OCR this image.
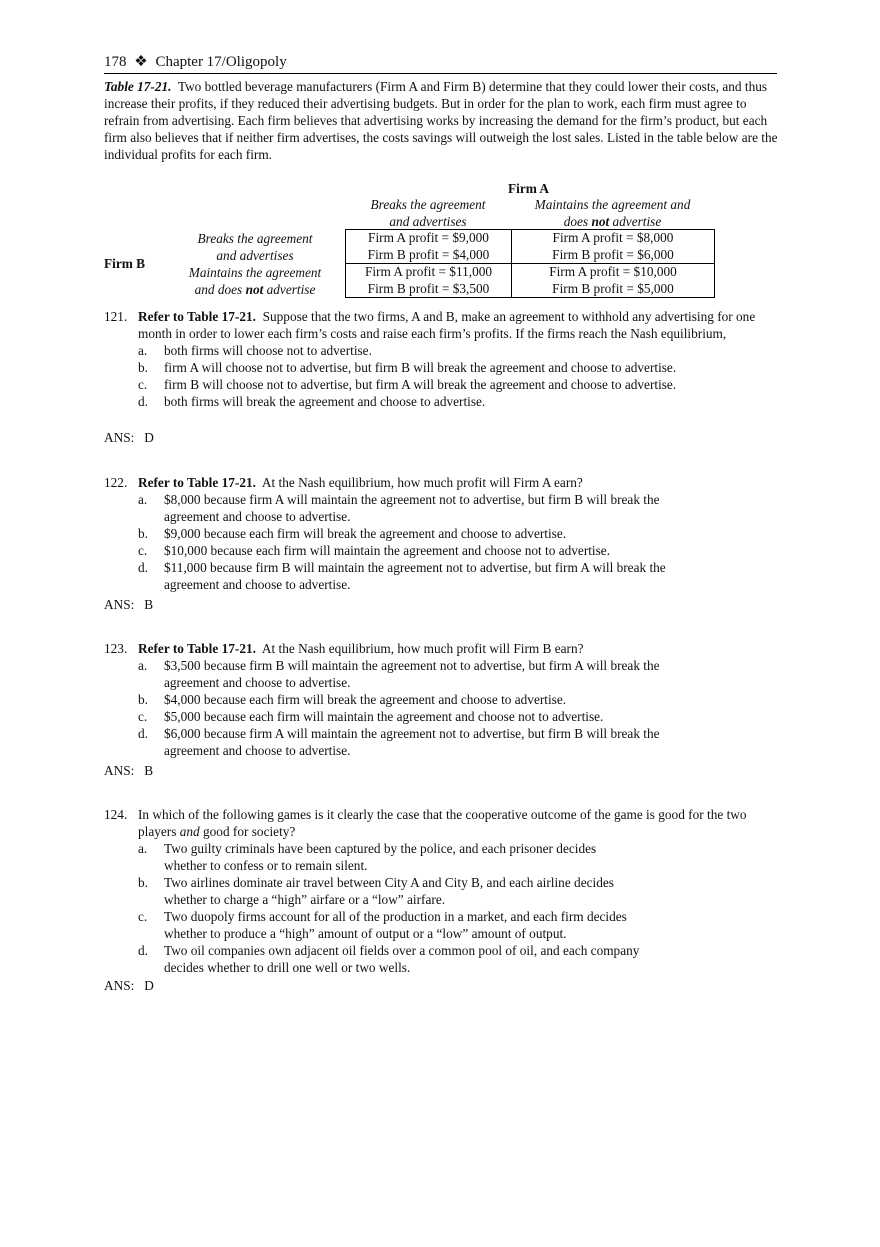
178 ❖ Chapter 17/Oligopoly
Table 17-21. Two bottled beverage manufacturers (Firm A and Firm B) determine that they could lower their costs, and thus increase their profits, if they reduced their advertising budgets. But in order for the plan to work, each firm must agree to refrain from advertising. Each firm believes that advertising works by increasing the demand for the firm’s product, but each firm also believes that if neither firm advertises, the costs savings will outweigh the lost sales. Listed in the table below are the individual profits for each firm.
Firm A
Breaks the agreement
and advertises
Maintains the agreement and
does not advertise
Firm B
Breaks the agreement
and advertises
Maintains the agreement
and does not advertise
Firm A profit = $9,000
Firm B profit = $4,000
Firm A profit = $8,000
Firm B profit = $6,000
Firm A profit = $11,000
Firm B profit = $3,500
Firm A profit = $10,000
Firm B profit = $5,000
121. Refer to Table 17-21. Suppose that the two firms, A and B, make an agreement to withhold any advertising for one month in order to lower each firm’s costs and raise each firm’s profits. If the firms reach the Nash equilibrium,
a. both firms will choose not to advertise.
b. firm A will choose not to advertise, but firm B will break the agreement and choose to advertise.
c. firm B will choose not to advertise, but firm A will break the agreement and choose to advertise.
d. both firms will break the agreement and choose to advertise.
ANS:   D
122. Refer to Table 17-21. At the Nash equilibrium, how much profit will Firm A earn?
a. $8,000 because firm A will maintain the agreement not to advertise, but firm B will break the agreement and choose to advertise.
b. $9,000 because each firm will break the agreement and choose to advertise.
c. $10,000 because each firm will maintain the agreement and choose not to advertise.
d. $11,000 because firm B will maintain the agreement not to advertise, but firm A will break the agreement and choose to advertise.
ANS:   B
123. Refer to Table 17-21. At the Nash equilibrium, how much profit will Firm B earn?
a. $3,500 because firm B will maintain the agreement not to advertise, but firm A will break the agreement and choose to advertise.
b. $4,000 because each firm will break the agreement and choose to advertise.
c. $5,000 because each firm will maintain the agreement and choose not to advertise.
d. $6,000 because firm A will maintain the agreement not to advertise, but firm B will break the agreement and choose to advertise.
ANS:   B
124. In which of the following games is it clearly the case that the cooperative outcome of the game is good for the two players and good for society?
a. Two guilty criminals have been captured by the police, and each prisoner decides whether to confess or to remain silent.
b. Two airlines dominate air travel between City A and City B, and each airline decides whether to charge a “high” airfare or a “low” airfare.
c. Two duopoly firms account for all of the production in a market, and each firm decides whether to produce a “high” amount of output or a “low” amount of output.
d. Two oil companies own adjacent oil fields over a common pool of oil, and each company decides whether to drill one well or two wells.
ANS:   D
